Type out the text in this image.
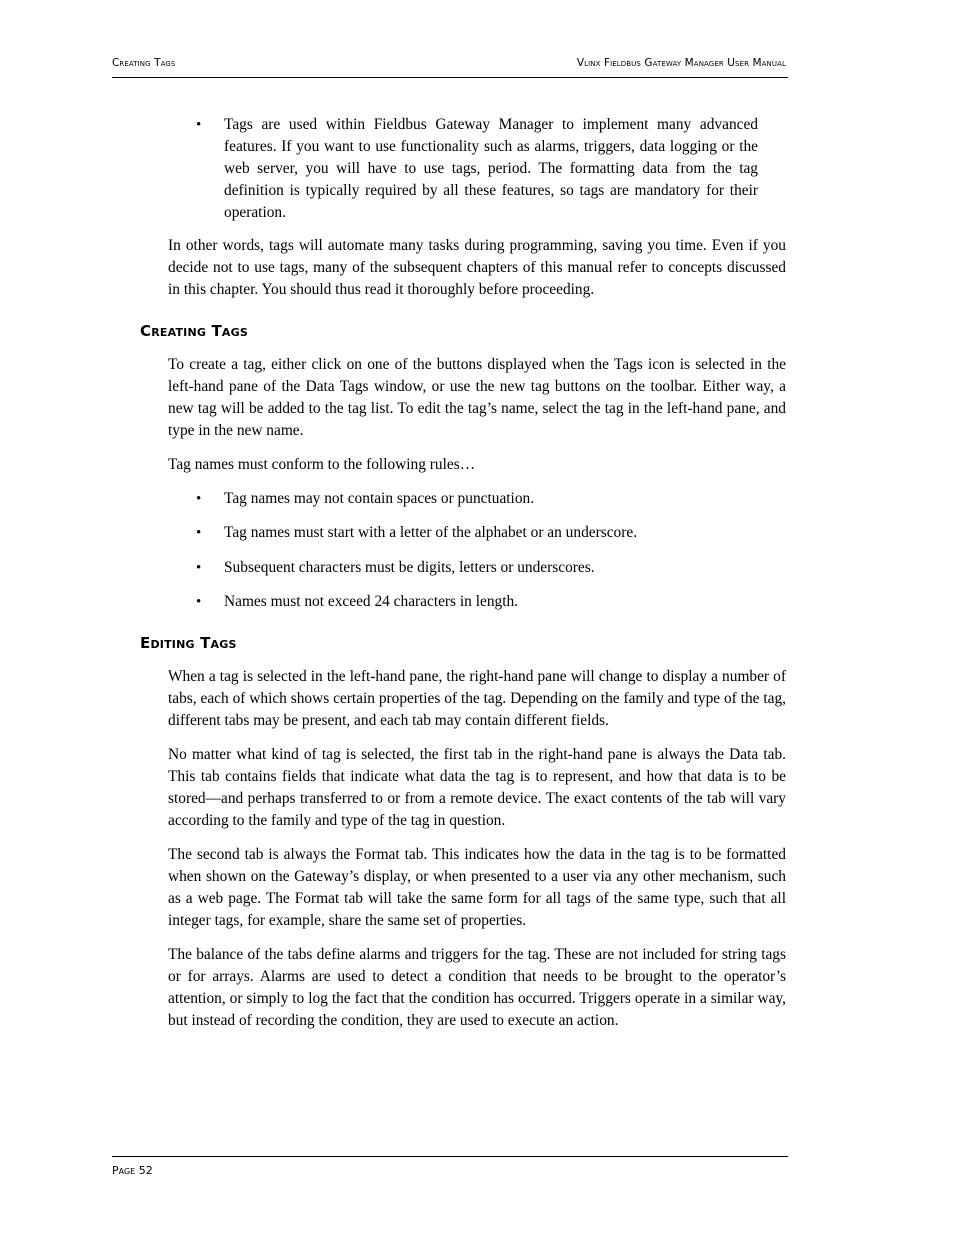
Creating Tags	Vlinx Fieldbus Gateway Manager User Manual
•	Tags are used within Fieldbus Gateway Manager to implement many advanced features. If you want to use functionality such as alarms, triggers, data logging or the web server, you will have to use tags, period. The formatting data from the tag definition is typically required by all these features, so tags are mandatory for their operation.

In other words, tags will automate many tasks during programming, saving you time. Even if you decide not to use tags, many of the subsequent chapters of this manual refer to concepts discussed in this chapter. You should thus read it thoroughly before proceeding.

Creating Tags

To create a tag, either click on one of the buttons displayed when the Tags icon is selected in the left-hand pane of the Data Tags window, or use the new tag buttons on the toolbar. Either way, a new tag will be added to the tag list. To edit the tag’s name, select the tag in the left-hand pane, and type in the new name.

Tag names must conform to the following rules…

•	Tag names may not contain spaces or punctuation.

•	Tag names must start with a letter of the alphabet or an underscore.

•	Subsequent characters must be digits, letters or underscores.

•	Names must not exceed 24 characters in length.

Editing Tags

When a tag is selected in the left-hand pane, the right-hand pane will change to display a number of tabs, each of which shows certain properties of the tag. Depending on the family and type of the tag, different tabs may be present, and each tab may contain different fields.

No matter what kind of tag is selected, the first tab in the right-hand pane is always the Data tab. This tab contains fields that indicate what data the tag is to represent, and how that data is to be stored—and perhaps transferred to or from a remote device. The exact contents of the tab will vary according to the family and type of the tag in question.

The second tab is always the Format tab. This indicates how the data in the tag is to be formatted when shown on the Gateway’s display, or when presented to a user via any other mechanism, such as a web page. The Format tab will take the same form for all tags of the same type, such that all integer tags, for example, share the same set of properties.

The balance of the tabs define alarms and triggers for the tag. These are not included for string tags or for arrays. Alarms are used to detect a condition that needs to be brought to the operator’s attention, or simply to log the fact that the condition has occurred. Triggers operate in a similar way, but instead of recording the condition, they are used to execute an action.

Page 52
